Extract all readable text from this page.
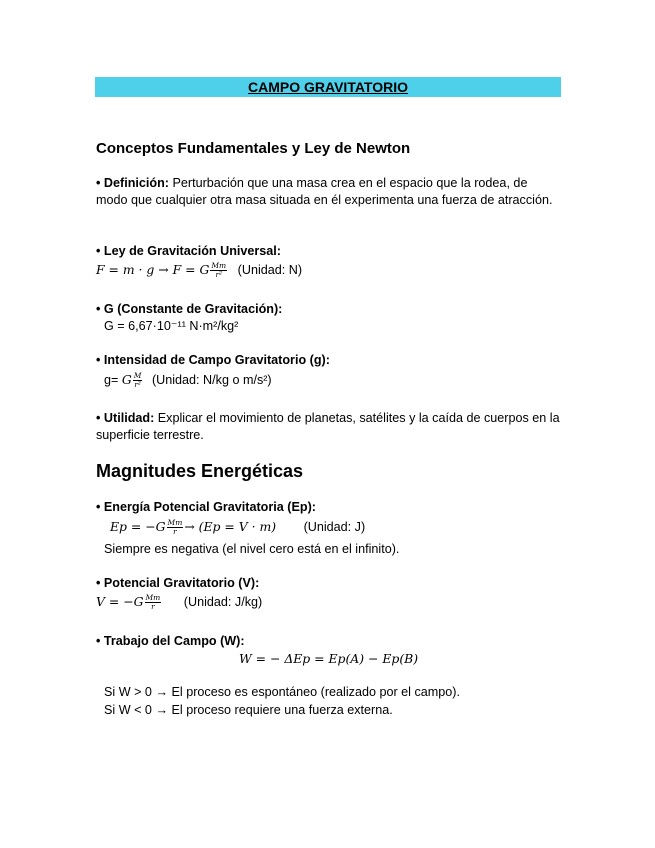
CAMPO GRAVITATORIO
Conceptos Fundamentales y Ley de Newton
• Definición: Perturbación que una masa crea en el espacio que la rodea, de modo que cualquier otra masa situada en él experimenta una fuerza de atracción.
• Ley de Gravitación Universal:
F = m · g → F = G $\frac{Mm}{\text{r²}}$ (Unidad: N)
• G (Constante de Gravitación):
G = 6,67·10⁻¹¹ N·m²/kg²
• Intensidad de Campo Gravitatorio (g):
g= G $\frac{M}{\text{r²}}$ (Unidad: N/kg o m/s²)
• Utilidad: Explicar el movimiento de planetas, satélites y la caída de cuerpos en la superficie terrestre.
Magnitudes Energéticas
• Energía Potencial Gravitatoria (Ep):
$Ep = -G \frac{Mm}{r} \to (Ep = V \cdot m)$ (Unidad: J)
Siempre es negativa (el nivel cero está en el infinito).
• Potencial Gravitatorio (V):
$V = -G \frac{Mm}{r}$ (Unidad: J/kg)
• Trabajo del Campo (W):
W = − ΔEp = Ep(A) − Ep(B)
Si W > 0 → El proceso es espontáneo (realizado por el campo).
Si W < 0 → El proceso requiere una fuerza externa.
